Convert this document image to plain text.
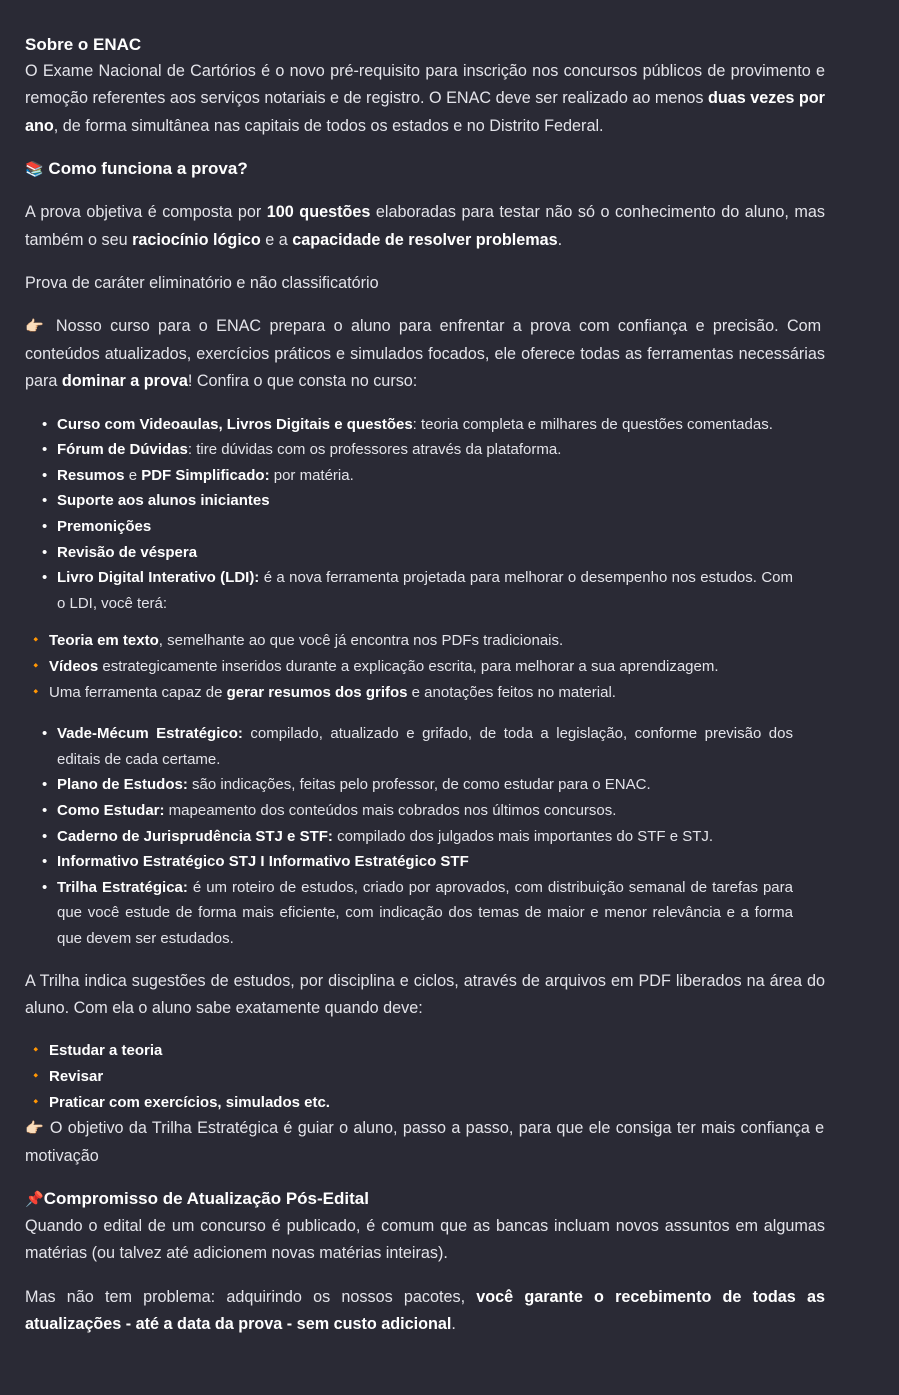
Sobre o ENAC

O Exame Nacional de Cartórios é o novo pré-requisito para inscrição nos concursos públicos de provimento e remoção referentes aos serviços notariais e de registro. O ENAC deve ser realizado ao menos duas vezes por ano, de forma simultânea nas capitais de todos os estados e no Distrito Federal.

📚 Como funciona a prova?

A prova objetiva é composta por 100 questões elaboradas para testar não só o conhecimento do aluno, mas também o seu raciocínio lógico e a capacidade de resolver problemas.

Prova de caráter eliminatório e não classificatório

👉🏻 Nosso curso para o ENAC prepara o aluno para enfrentar a prova com confiança e precisão. Com conteúdos atualizados, exercícios práticos e simulados focados, ele oferece todas as ferramentas necessárias para dominar a prova! Confira o que consta no curso:

• Curso com Videoaulas, Livros Digitais e questões: teoria completa e milhares de questões comentadas.
• Fórum de Dúvidas: tire dúvidas com os professores através da plataforma.
• Resumos e PDF Simplificado: por matéria.
• Suporte aos alunos iniciantes
• Premonições
• Revisão de véspera
• Livro Digital Interativo (LDI): é a nova ferramenta projetada para melhorar o desempenho nos estudos. Com o LDI, você terá:
🔸 Teoria em texto, semelhante ao que você já encontra nos PDFs tradicionais.
🔸 Vídeos estrategicamente inseridos durante a explicação escrita, para melhorar a sua aprendizagem.
🔸 Uma ferramenta capaz de gerar resumos dos grifos e anotações feitos no material.
• Vade-Mécum Estratégico: compilado, atualizado e grifado, de toda a legislação, conforme previsão dos editais de cada certame.
• Plano de Estudos: são indicações, feitas pelo professor, de como estudar para o ENAC.
• Como Estudar: mapeamento dos conteúdos mais cobrados nos últimos concursos.
• Caderno de Jurisprudência STJ e STF: compilado dos julgados mais importantes do STF e STJ.
• Informativo Estratégico STJ I Informativo Estratégico STF
• Trilha Estratégica: é um roteiro de estudos, criado por aprovados, com distribuição semanal de tarefas para que você estude de forma mais eficiente, com indicação dos temas de maior e menor relevância e a forma que devem ser estudados.

A Trilha indica sugestões de estudos, por disciplina e ciclos, através de arquivos em PDF liberados na área do aluno. Com ela o aluno sabe exatamente quando deve:

🔸 Estudar a teoria
🔸 Revisar
🔸 Praticar com exercícios, simulados etc.

👉🏻 O objetivo da Trilha Estratégica é guiar o aluno, passo a passo, para que ele consiga ter mais confiança e motivação

📌Compromisso de Atualização Pós-Edital

Quando o edital de um concurso é publicado, é comum que as bancas incluam novos assuntos em algumas matérias (ou talvez até adicionem novas matérias inteiras).

Mas não tem problema: adquirindo os nossos pacotes, você garante o recebimento de todas as atualizações - até a data da prova - sem custo adicional.
